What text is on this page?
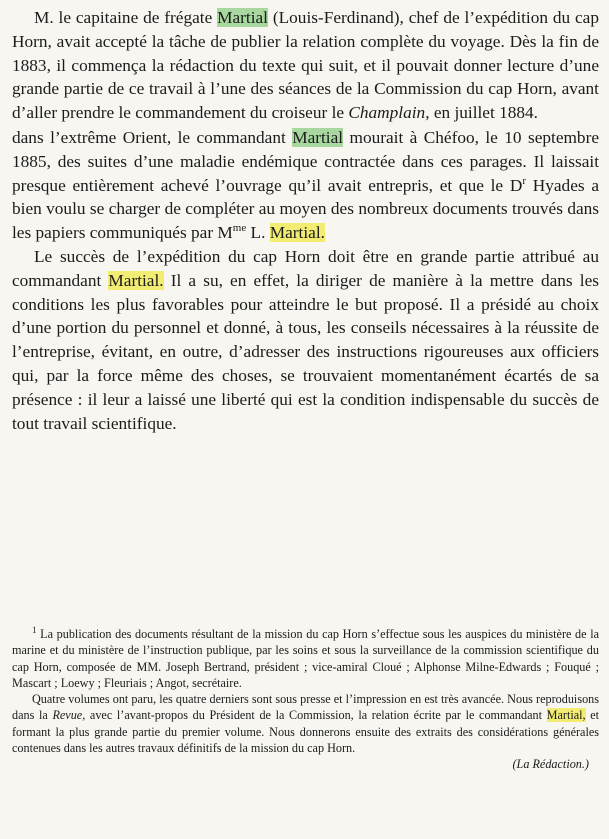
M. le capitaine de frégate Martial (Louis-Ferdinand), chef de l’expédition du cap Horn, avait accepté la tâche de publier la relation complète du voyage. Dès la fin de 1883, il commença la rédaction du texte qui suit, et il pouvait donner lecture d’une grande partie de ce travail à l’une des séances de la Commission du cap Horn, avant d’aller prendre le commandement du croiseur le Champlain, en juillet 1884.

dans l’extrême Orient, le commandant Martial mourait à Chéfoo, le 10 septembre 1885, des suites d’une maladie endémique contractée dans ces parages. Il laissait presque entièrement achevé l’ouvrage qu’il avait entrepris, et que le $D^r$ Hyades a bien voulu se charger de compléter au moyen des nombreux documents trouvés dans les papiers communiqués par $M^{me}$ L. Martial.

Le succès de l’expédition du cap Horn doit être en grande partie attribué au commandant Martial. Il a su, en effet, la diriger de manière à la mettre dans les conditions les plus favorables pour atteindre le but proposé. Il a présidé au choix d’une portion du personnel et donné, à tous, les conseils nécessaires à la réussite de l’entreprise, évitant, en outre, d’adresser des instructions rigoureuses aux officiers qui, par la force même des choses, se trouvaient momentanément écartés de sa présence : il leur a laissé une liberté qui est la condition indispensable du succès de tout travail scientifique.

$^1$ La publication des documents résultant de la mission du cap Horn s’effectue sous les auspices du ministère de la marine et du ministère de l’instruction publique, par les soins et sous la surveillance de la commission scientifique du cap Horn, composée de MM. Joseph Bertrand, président ; vice-amiral Cloué ; Alphonse Milne-Edwards ; Fouqué ; Mascart ; Loewy ; Fleuriais ; Angot, secrétaire.

Quatre volumes ont paru, les quatre derniers sont sous presse et l’impression en est très avancée. Nous reproduisons dans la Revue, avec l’avant-propos du Président de la Commission, la relation écrite par le commandant Martial, et formant la plus grande partie du premier volume. Nous donnerons ensuite des extraits des considérations générales contenues dans les autres travaux définitifs de la mission du cap Horn.

(La Rédaction.)
